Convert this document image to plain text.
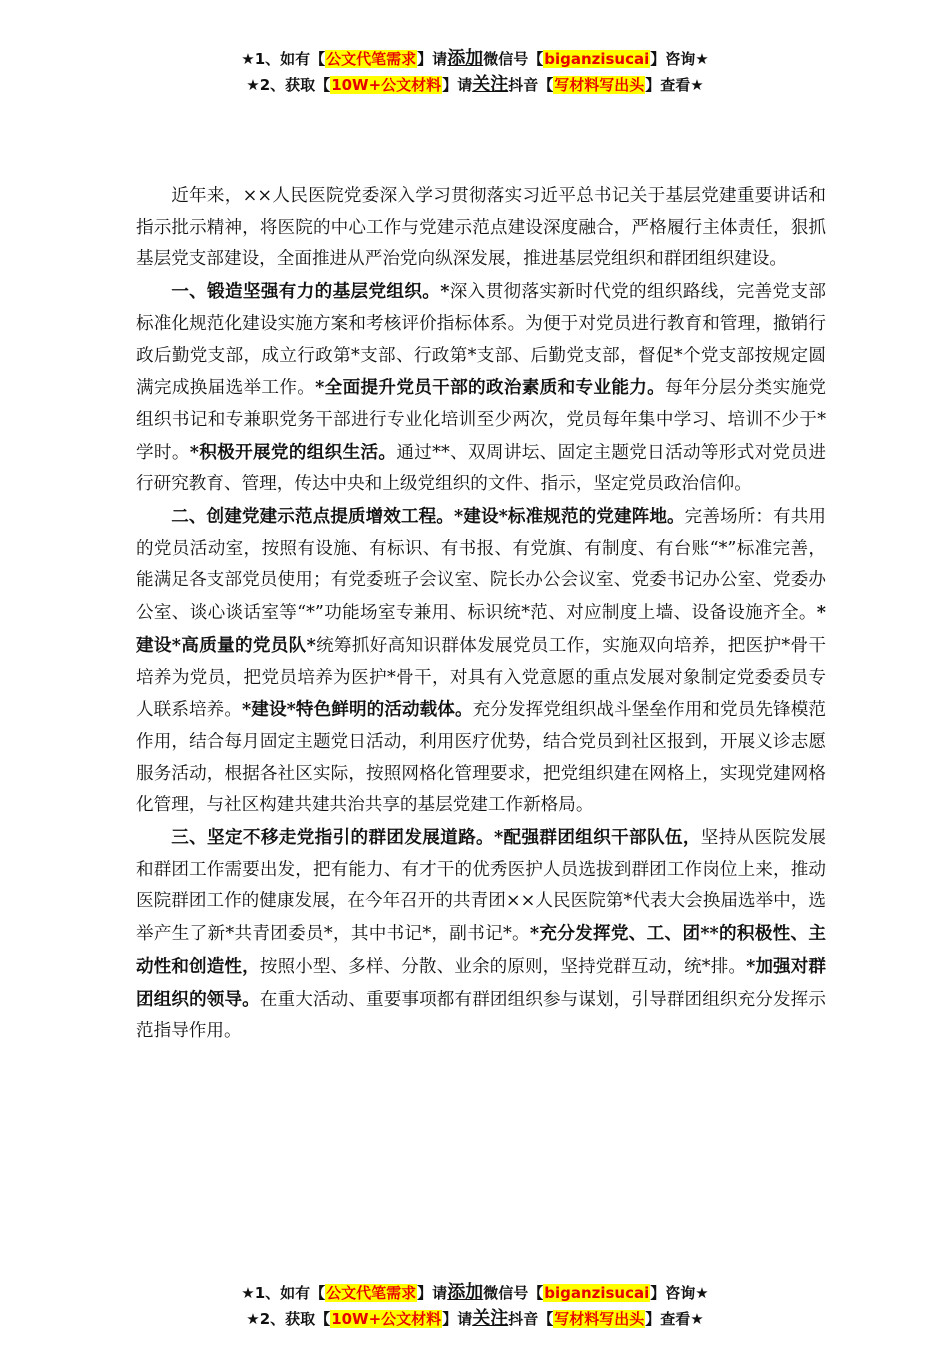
★1、如有【公文代笔需求】请添加微信号【biganzisucai】咨询★
★2、获取【10W+公文材料】请关注抖音【写材料写出头】查看★

近年来，××人民医院党委深入学习贯彻落实习近平总书记关于基层党建重要讲话和指示批示精神，将医院的中心工作与党建示范点建设深度融合，严格履行主体责任，狠抓基层党支部建设，全面推进从严治党向纵深发展，推进基层党组织和群团组织建设。

一、锻造坚强有力的基层党组织。*深入贯彻落实新时代党的组织路线，完善党支部标准化规范化建设实施方案和考核评价指标体系。为便于对党员进行教育和管理，撤销行政后勤党支部，成立行政第*支部、行政第*支部、后勤党支部，督促*个党支部按规定圆满完成换届选举工作。*全面提升党员干部的政治素质和专业能力。每年分层分类实施党组织书记和专兼职党务干部进行专业化培训至少两次，党员每年集中学习、培训不少于*学时。*积极开展党的组织生活。通过**、双周讲坛、固定主题党日活动等形式对党员进行研究教育、管理，传达中央和上级党组织的文件、指示，坚定党员政治信仰。

二、创建党建示范点提质增效工程。*建设*标准规范的党建阵地。完善场所：有共用的党员活动室，按照有设施、有标识、有书报、有党旗、有制度、有台账“*”标准完善，能满足各支部党员使用；有党委班子会议室、院长办公会议室、党委书记办公室、党委办公室、谈心谈话室等“*”功能场室专兼用、标识统*范、对应制度上墙、设备设施齐全。*建设*高质量的党员队*统筹抓好高知识群体发展党员工作，实施双向培养，把医护*骨干培养为党员，把党员培养为医护*骨干，对具有入党意愿的重点发展对象制定党委委员专人联系培养。*建设*特色鲜明的活动载体。充分发挥党组织战斗堡垒作用和党员先锋模范作用，结合每月固定主题党日活动，利用医疗优势，结合党员到社区报到，开展义诊志愿服务活动，根据各社区实际，按照网格化管理要求，把党组织建在网格上，实现党建网格化管理，与社区构建共建共治共享的基层党建工作新格局。

三、坚定不移走党指引的群团发展道路。*配强群团组织干部队伍，坚持从医院发展和群团工作需要出发，把有能力、有才干的优秀医护人员选拔到群团工作岗位上来，推动医院群团工作的健康发展，在今年召开的共青团××人民医院第*代表大会换届选举中，选举产生了新*共青团委员*，其中书记*，副书记*。*充分发挥党、工、团**的积极性、主动性和创造性，按照小型、多样、分散、业余的原则，坚持党群互动，统*排。*加强对群团组织的领导。在重大活动、重要事项都有群团组织参与谋划，引导群团组织充分发挥示范指导作用。

★1、如有【公文代笔需求】请添加微信号【biganzisucai】咨询★
★2、获取【10W+公文材料】请关注抖音【写材料写出头】查看★
